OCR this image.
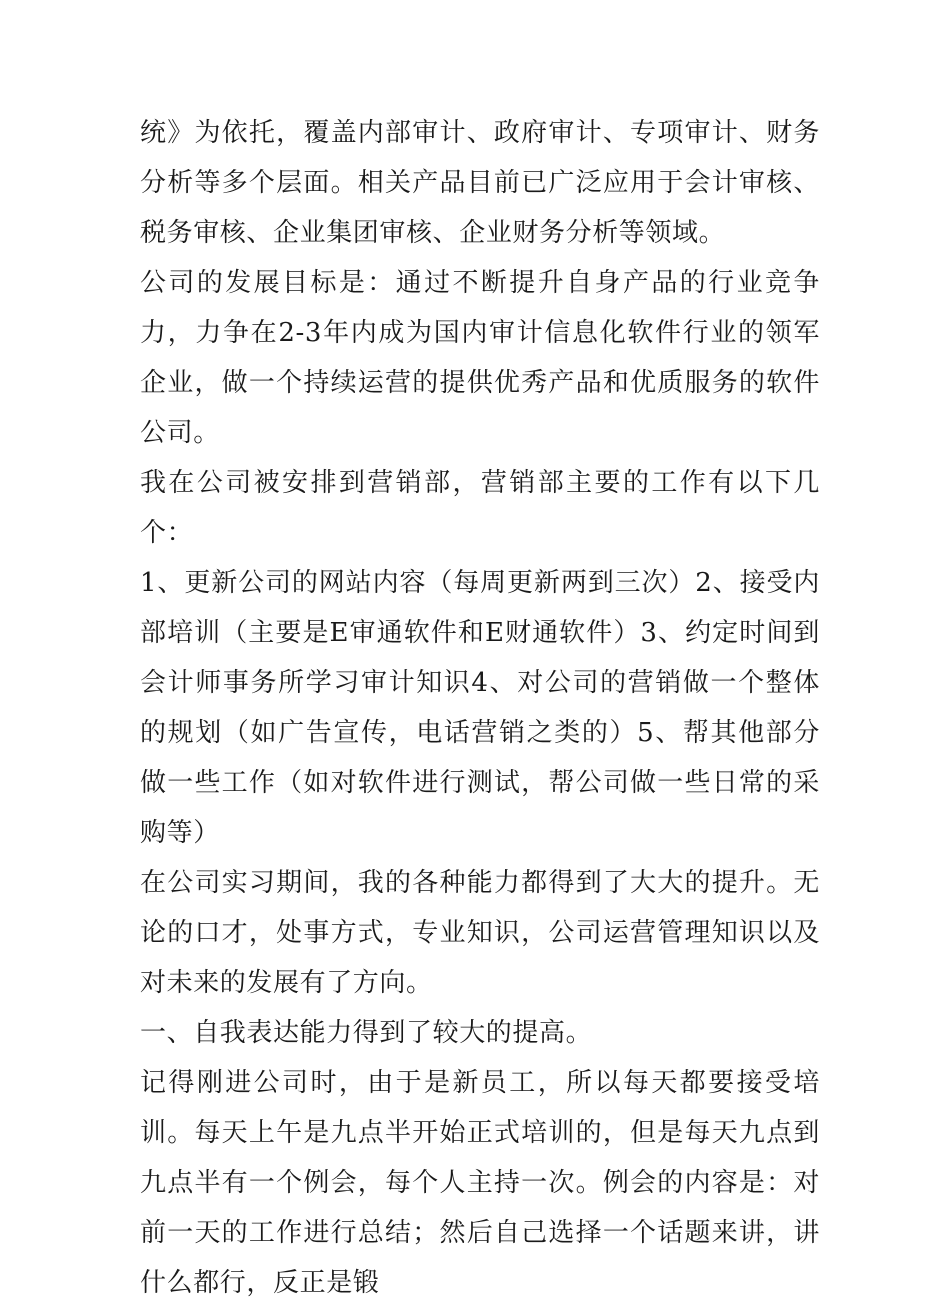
统》为依托，覆盖内部审计、政府审计、专项审计、财务分析等多个层面。相关产品目前已广泛应用于会计审核、税务审核、企业集团审核、企业财务分析等领域。

公司的发展目标是：通过不断提升自身产品的行业竞争力，力争在2-3年内成为国内审计信息化软件行业的领军企业，做一个持续运营的提供优秀产品和优质服务的软件公司。

我在公司被安排到营销部，营销部主要的工作有以下几个：

1、更新公司的网站内容（每周更新两到三次）2、接受内部培训（主要是E审通软件和E财通软件）3、约定时间到会计师事务所学习审计知识4、对公司的营销做一个整体的规划（如广告宣传，电话营销之类的）5、帮其他部分做一些工作（如对软件进行测试，帮公司做一些日常的采购等）

在公司实习期间，我的各种能力都得到了大大的提升。无论的口才，处事方式，专业知识，公司运营管理知识以及对未来的发展有了方向。

一、自我表达能力得到了较大的提高。

记得刚进公司时，由于是新员工，所以每天都要接受培训。每天上午是九点半开始正式培训的，但是每天九点到九点半有一个例会，每个人主持一次。例会的内容是：对前一天的工作进行总结；然后自己选择一个话题来讲，讲什么都行，反正是锻
